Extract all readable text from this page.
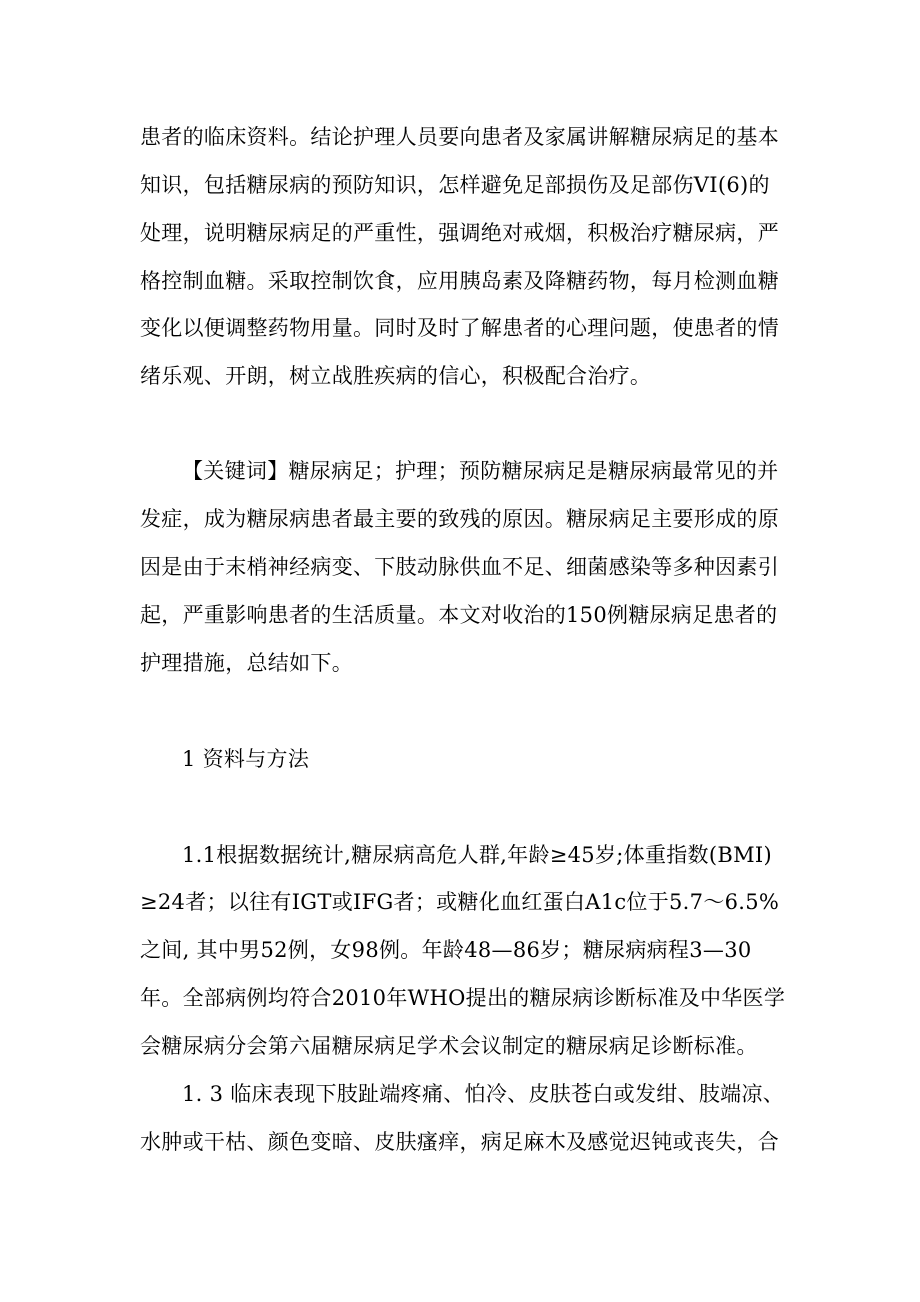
患者的临床资料。结论护理人员要向患者及家属讲解糖尿病足的基本
知识，包括糖尿病的预防知识，怎样避免足部损伤及足部伤VI(6)的
处理，说明糖尿病足的严重性，强调绝对戒烟，积极治疗糖尿病，严
格控制血糖。采取控制饮食，应用胰岛素及降糖药物，每月检测血糖
变化以便调整药物用量。同时及时了解患者的心理问题，使患者的情
绪乐观、开朗，树立战胜疾病的信心，积极配合治疗。
【关键词】糖尿病足；护理；预防糖尿病足是糖尿病最常见的并
发症，成为糖尿病患者最主要的致残的原因。糖尿病足主要形成的原
因是由于末梢神经病变、下肢动脉供血不足、细菌感染等多种因素引
起，严重影响患者的生活质量。本文对收治的150例糖尿病足患者的
护理措施，总结如下。
1 资料与方法
1.1根据数据统计,糖尿病高危人群,年龄≥45岁;体重指数(BMI)
≥24者；以往有IGT或IFG者；或糖化血红蛋白A1c位于5.7～6.5%
之间, 其中男52例，女98例。年龄48—86岁；糖尿病病程3—30
年。全部病例均符合2010年WHO提出的糖尿病诊断标准及中华医学
会糖尿病分会第六届糖尿病足学术会议制定的糖尿病足诊断标准。
1. 3 临床表现下肢趾端疼痛、怕冷、皮肤苍白或发绀、肢端凉、
水肿或干枯、颜色变暗、皮肤瘙痒，病足麻木及感觉迟钝或丧失，合
